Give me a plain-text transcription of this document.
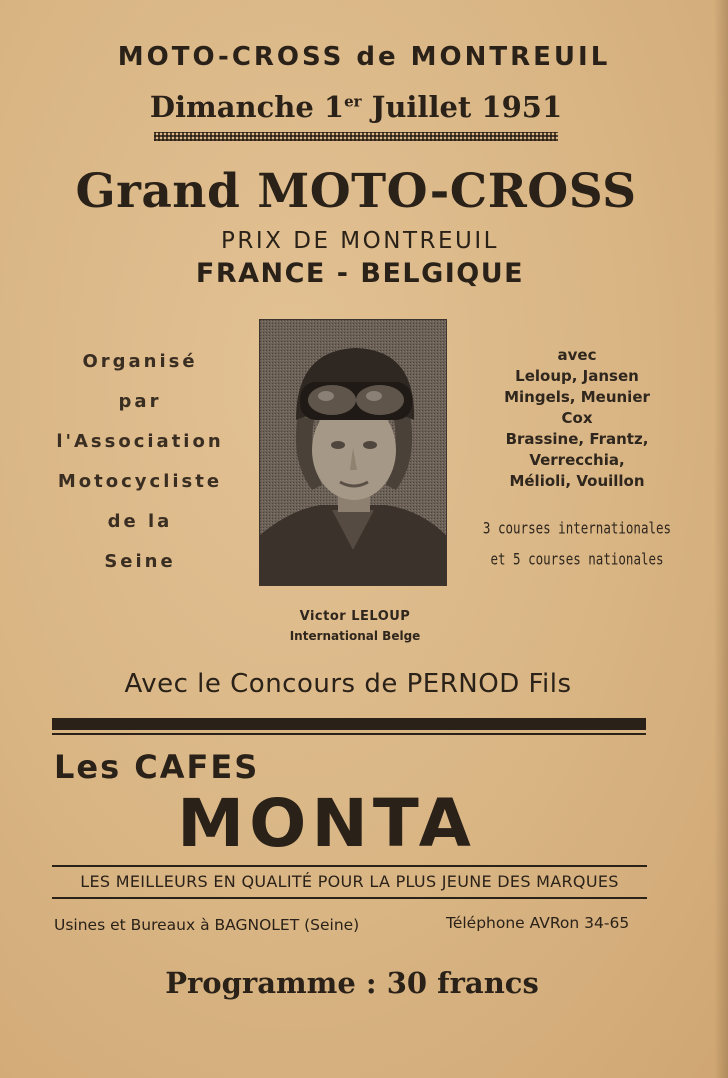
MOTO-CROSS de MONTREUIL
Dimanche 1er Juillet 1951
Grand MOTO-CROSS
PRIX DE MONTREUIL
FRANCE - BELGIQUE
Organisé
par
l'Association
Motocycliste
de la
Seine
Victor LELOUP
International Belge
avec
Leloup, Jansen
Mingels, Meunier
Cox
Brassine, Frantz,
Verrecchia,
Mélioli, Vouillon
3 courses internationales
et 5 courses nationales
Avec le Concours de PERNOD Fils
Les CAFES
MONTA
LES MEILLEURS EN QUALITÉ POUR LA PLUS JEUNE DES MARQUES
Usines et Bureaux à BAGNOLET (Seine)	Téléphone AVRon 34-65
Programme : 30 francs
